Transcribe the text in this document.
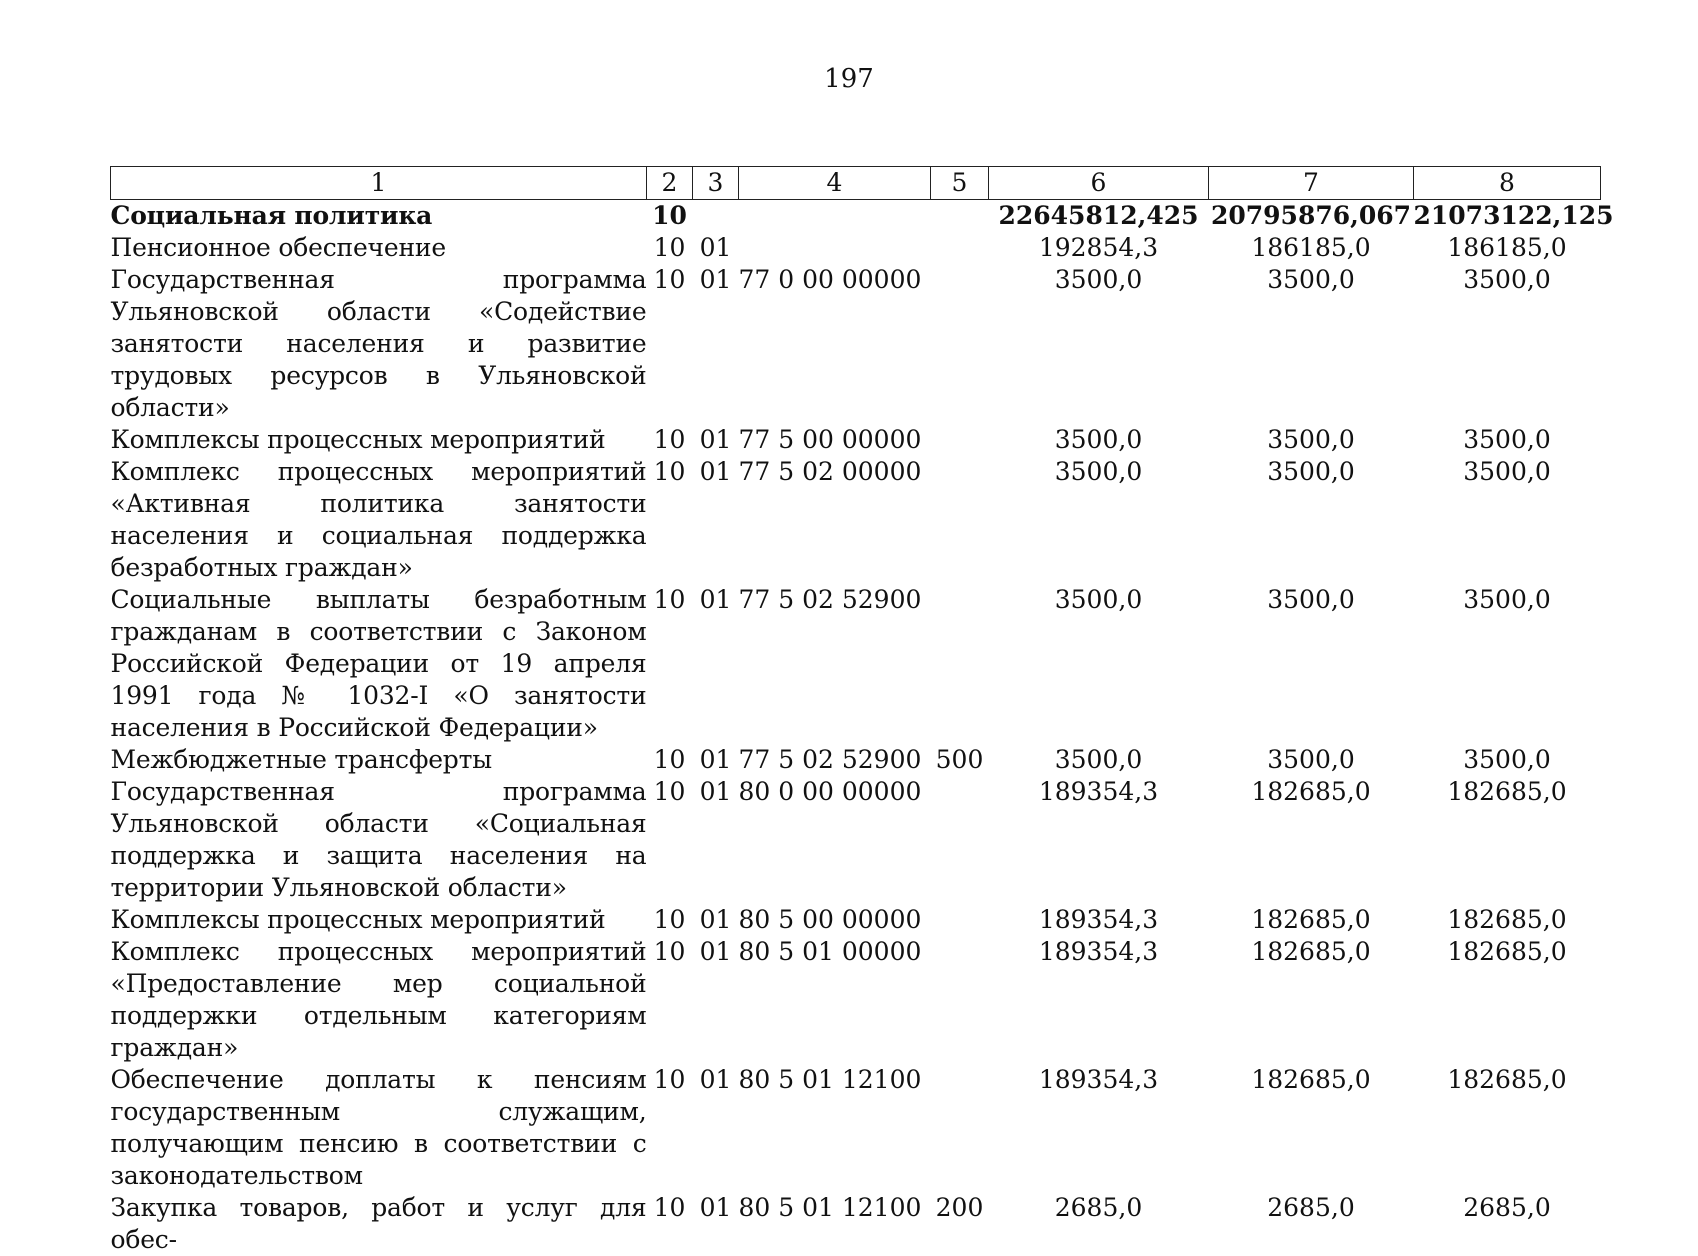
197
1	2	3	4	5	6	7	8
Социальная политика	10				22645812,425	20795876,067	21073122,125
Пенсионное обеспечение	10	01			192854,3	186185,0	186185,0
Государственная программа Ульяновской области «Содействие занятости населения и развитие трудовых ресурсов в Ульяновской области»	10	01	77 0 00 00000		3500,0	3500,0	3500,0
Комплексы процессных мероприятий	10	01	77 5 00 00000		3500,0	3500,0	3500,0
Комплекс процессных мероприятий «Активная политика занятости населения и социальная поддержка безработных граждан»	10	01	77 5 02 00000		3500,0	3500,0	3500,0
Социальные выплаты безработным гражданам в соответствии с Законом Российской Федерации от 19 апреля 1991 года № 1032-I «О занятости населения в Российской Федерации»	10	01	77 5 02 52900		3500,0	3500,0	3500,0
Межбюджетные трансферты	10	01	77 5 02 52900	500	3500,0	3500,0	3500,0
Государственная программа Ульяновской области «Социальная поддержка и защита населения на территории Ульяновской области»	10	01	80 0 00 00000		189354,3	182685,0	182685,0
Комплексы процессных мероприятий	10	01	80 5 00 00000		189354,3	182685,0	182685,0
Комплекс процессных мероприятий «Предоставление мер социальной поддержки отдельным категориям граждан»	10	01	80 5 01 00000		189354,3	182685,0	182685,0
Обеспечение доплаты к пенсиям государственным служащим, получающим пенсию в соответствии с законодательством	10	01	80 5 01 12100		189354,3	182685,0	182685,0
Закупка товаров, работ и услуг для обес-	10	01	80 5 01 12100	200	2685,0	2685,0	2685,0
